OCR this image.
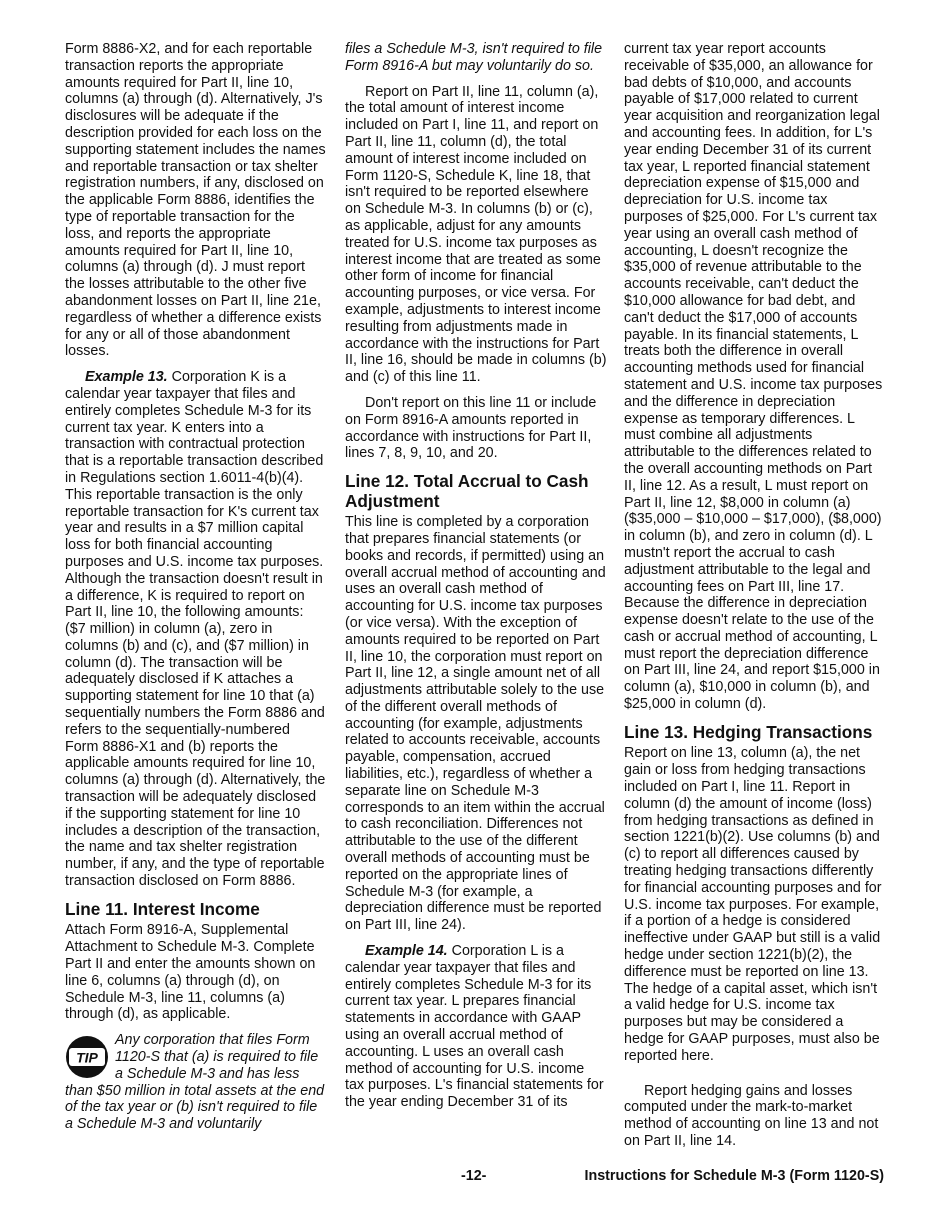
Form 8886-X2, and for each reportable transaction reports the appropriate amounts required for Part II, line 10, columns (a) through (d). Alternatively, J's disclosures will be adequate if the description provided for each loss on the supporting statement includes the names and reportable transaction or tax shelter registration numbers, if any, disclosed on the applicable Form 8886, identifies the type of reportable transaction for the loss, and reports the appropriate amounts required for Part II, line 10, columns (a) through (d). J must report the losses attributable to the other five abandonment losses on Part II, line 21e, regardless of whether a difference exists for any or all of those abandonment losses.

Example 13. Corporation K is a calendar year taxpayer that files and entirely completes Schedule M-3 for its current tax year. K enters into a transaction with contractual protection that is a reportable transaction described in Regulations section 1.6011-4(b)(4). This reportable transaction is the only reportable transaction for K's current tax year and results in a $7 million capital loss for both financial accounting purposes and U.S. income tax purposes. Although the transaction doesn't result in a difference, K is required to report on Part II, line 10, the following amounts: ($7 million) in column (a), zero in columns (b) and (c), and ($7 million) in column (d). The transaction will be adequately disclosed if K attaches a supporting statement for line 10 that (a) sequentially numbers the Form 8886 and refers to the sequentially-numbered Form 8886-X1 and (b) reports the applicable amounts required for line 10, columns (a) through (d). Alternatively, the transaction will be adequately disclosed if the supporting statement for line 10 includes a description of the transaction, the name and tax shelter registration number, if any, and the type of reportable transaction disclosed on Form 8886.

Line 11. Interest Income

Attach Form 8916-A, Supplemental Attachment to Schedule M-3. Complete Part II and enter the amounts shown on line 6, columns (a) through (d), on Schedule M-3, line 11, columns (a) through (d), as applicable.

TIP
Any corporation that files Form 1120-S that (a) is required to file a Schedule M-3 and has less than $50 million in total assets at the end of the tax year or (b) isn't required to file a Schedule M-3 and voluntarily

files a Schedule M-3, isn't required to file Form 8916-A but may voluntarily do so.

Report on Part II, line 11, column (a), the total amount of interest income included on Part I, line 11, and report on Part II, line 11, column (d), the total amount of interest income included on Form 1120-S, Schedule K, line 18, that isn't required to be reported elsewhere on Schedule M-3. In columns (b) or (c), as applicable, adjust for any amounts treated for U.S. income tax purposes as interest income that are treated as some other form of income for financial accounting purposes, or vice versa. For example, adjustments to interest income resulting from adjustments made in accordance with the instructions for Part II, line 16, should be made in columns (b) and (c) of this line 11.

Don't report on this line 11 or include on Form 8916-A amounts reported in accordance with instructions for Part II, lines 7, 8, 9, 10, and 20.

Line 12. Total Accrual to Cash Adjustment

This line is completed by a corporation that prepares financial statements (or books and records, if permitted) using an overall accrual method of accounting and uses an overall cash method of accounting for U.S. income tax purposes (or vice versa). With the exception of amounts required to be reported on Part II, line 10, the corporation must report on Part II, line 12, a single amount net of all adjustments attributable solely to the use of the different overall methods of accounting (for example, adjustments related to accounts receivable, accounts payable, compensation, accrued liabilities, etc.), regardless of whether a separate line on Schedule M-3 corresponds to an item within the accrual to cash reconciliation. Differences not attributable to the use of the different overall methods of accounting must be reported on the appropriate lines of Schedule M-3 (for example, a depreciation difference must be reported on Part III, line 24).

Example 14. Corporation L is a calendar year taxpayer that files and entirely completes Schedule M-3 for its current tax year. L prepares financial statements in accordance with GAAP using an overall accrual method of accounting. L uses an overall cash method of accounting for U.S. income tax purposes. L's financial statements for the year ending December 31 of its

current tax year report accounts receivable of $35,000, an allowance for bad debts of $10,000, and accounts payable of $17,000 related to current year acquisition and reorganization legal and accounting fees. In addition, for L's year ending December 31 of its current tax year, L reported financial statement depreciation expense of $15,000 and depreciation for U.S. income tax purposes of $25,000. For L's current tax year using an overall cash method of accounting, L doesn't recognize the $35,000 of revenue attributable to the accounts receivable, can't deduct the $10,000 allowance for bad debt, and can't deduct the $17,000 of accounts payable. In its financial statements, L treats both the difference in overall accounting methods used for financial statement and U.S. income tax purposes and the difference in depreciation expense as temporary differences. L must combine all adjustments attributable to the differences related to the overall accounting methods on Part II, line 12. As a result, L must report on Part II, line 12, $8,000 in column (a) ($35,000 – $10,000 – $17,000), ($8,000) in column (b), and zero in column (d). L mustn't report the accrual to cash adjustment attributable to the legal and accounting fees on Part III, line 17. Because the difference in depreciation expense doesn't relate to the use of the cash or accrual method of accounting, L must report the depreciation difference on Part III, line 24, and report $15,000 in column (a), $10,000 in column (b), and $25,000 in column (d).

Line 13. Hedging Transactions

Report on line 13, column (a), the net gain or loss from hedging transactions included on Part I, line 11. Report in column (d) the amount of income (loss) from hedging transactions as defined in section 1221(b)(2). Use columns (b) and (c) to report all differences caused by treating hedging transactions differently for financial accounting purposes and for U.S. income tax purposes. For example, if a portion of a hedge is considered ineffective under GAAP but still is a valid hedge under section 1221(b)(2), the difference must be reported on line 13. The hedge of a capital asset, which isn't a valid hedge for U.S. income tax purposes but may be considered a hedge for GAAP purposes, must also be reported here.

Report hedging gains and losses computed under the mark-to-market method of accounting on line 13 and not on Part II, line 14.

-12-	Instructions for Schedule M-3 (Form 1120-S)
